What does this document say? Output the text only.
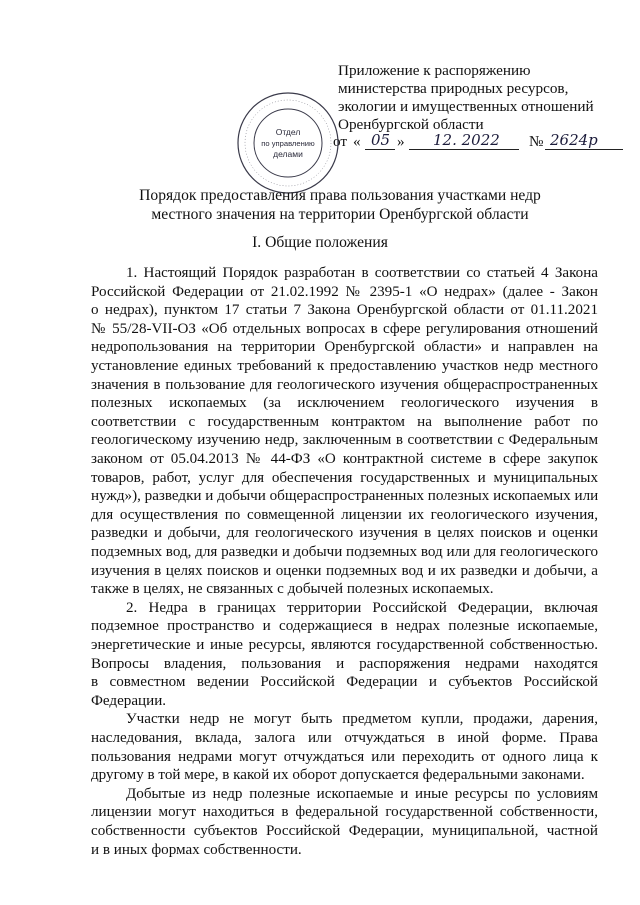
Приложение к распоряжению
министерства природных ресурсов,
экологии и имущественных отношений
Оренбургской области
от « 05 » 12. 2022 № 2624р
Отдел
по управлению
делами
Порядок предоставления права пользования участками недр
местного значения на территории Оренбургской области
I. Общие положения
1. Настоящий Порядок разработан в соответствии со статьей 4 Закона
Российской Федерации от 21.02.1992 № 2395-1 «О недрах» (далее - Закон
о недрах), пунктом 17 статьи 7 Закона Оренбургской области от 01.11.2021
№ 55/28-VII-ОЗ «Об отдельных вопросах в сфере регулирования отношений
недропользования на территории Оренбургской области» и направлен на
установление единых требований к предоставлению участков недр местного
значения в пользование для геологического изучения общераспространенных
полезных ископаемых (за исключением геологического изучения в
соответствии с государственным контрактом на выполнение работ по
геологическому изучению недр, заключенным в соответствии с Федеральным
законом от 05.04.2013 № 44-ФЗ «О контрактной системе в сфере закупок
товаров, работ, услуг для обеспечения государственных и муниципальных
нужд»), разведки и добычи общераспространенных полезных ископаемых или
для осуществления по совмещенной лицензии их геологического изучения,
разведки и добычи, для геологического изучения в целях поисков и оценки
подземных вод, для разведки и добычи подземных вод или для геологического
изучения в целях поисков и оценки подземных вод и их разведки и добычи, а
также в целях, не связанных с добычей полезных ископаемых.
2. Недра в границах территории Российской Федерации, включая
подземное пространство и содержащиеся в недрах полезные ископаемые,
энергетические и иные ресурсы, являются государственной собственностью.
Вопросы владения, пользования и распоряжения недрами находятся
в совместном ведении Российской Федерации и субъектов Российской
Федерации.
Участки недр не могут быть предметом купли, продажи, дарения,
наследования, вклада, залога или отчуждаться в иной форме. Права
пользования недрами могут отчуждаться или переходить от одного лица к
другому в той мере, в какой их оборот допускается федеральными законами.
Добытые из недр полезные ископаемые и иные ресурсы по условиям
лицензии могут находиться в федеральной государственной собственности,
собственности субъектов Российской Федерации, муниципальной, частной
и в иных формах собственности.
